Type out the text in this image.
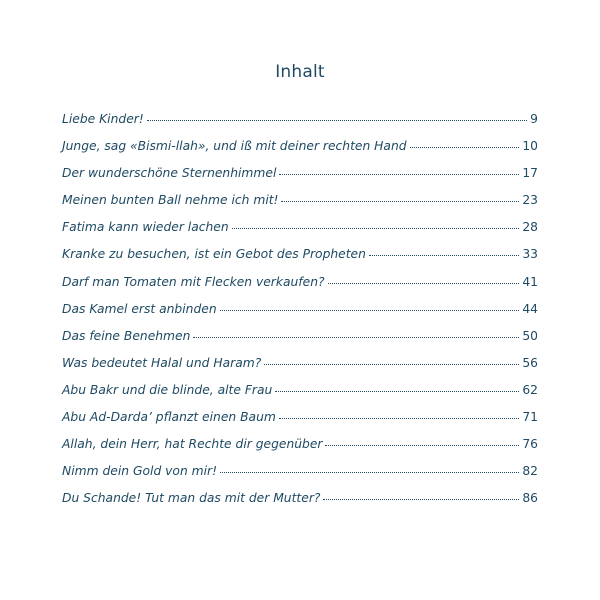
Inhalt
Liebe Kinder!	9
Junge, sag «Bismi-llah», und iß mit deiner rechten Hand	10
Der wunderschöne Sternenhimmel	17
Meinen bunten Ball nehme ich mit!	23
Fatima kann wieder lachen	28
Kranke zu besuchen, ist ein Gebot des Propheten	33
Darf man Tomaten mit Flecken verkaufen?	41
Das Kamel erst anbinden	44
Das feine Benehmen	50
Was bedeutet Halal und Haram?	56
Abu Bakr und die blinde, alte Frau	62
Abu Ad-Darda’ pflanzt einen Baum	71
Allah, dein Herr, hat Rechte dir gegenüber	76
Nimm dein Gold von mir!	82
Du Schande! Tut man das mit der Mutter?	86
